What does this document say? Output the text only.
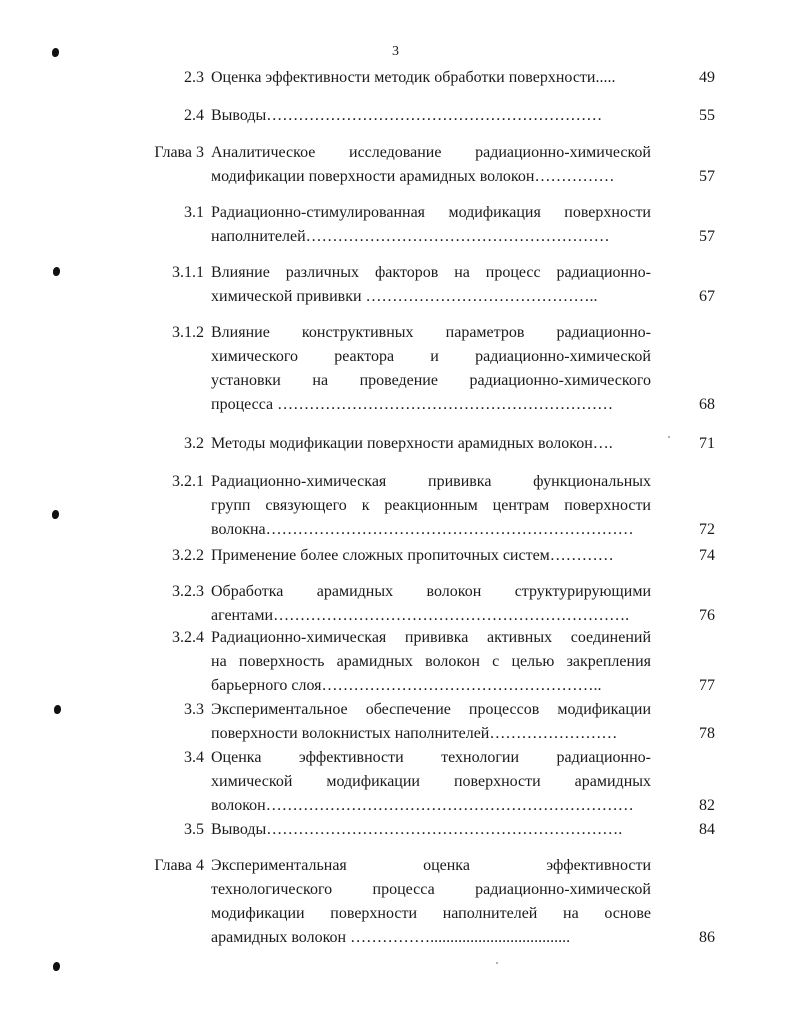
3
2.3 Оценка эффективности методик обработки поверхности.....	49
2.4 Выводы………………………………………………………	55
Глава 3 Аналитическое исследование радиационно-химической
модификации поверхности арамидных волокон……………	57
3.1 Радиационно-стимулированная модификация поверхности
наполнителей…………………………………………………	57
3.1.1 Влияние различных факторов на процесс радиационно-
химической прививки ……………………………………..	67
3.1.2 Влияние конструктивных параметров радиационно-
химического реактора и радиационно-химической
установки на проведение радиационно-химического
процесса ………………………………………………………	68
3.2 Методы модификации поверхности арамидных волокон….	71
3.2.1 Радиационно-химическая прививка функциональных
групп связующего к реакционным центрам поверхности
волокна……………………………………………………………	72
3.2.2 Применение более сложных пропиточных систем…………	74
3.2.3 Обработка арамидных волокон структурирующими
агентами………………………………………………………….	76
3.2.4 Радиационно-химическая прививка активных соединений
на поверхность арамидных волокон с целью закрепления
барьерного слоя……………………………………………..	77
3.3 Экспериментальное обеспечение процессов модификации
поверхности волокнистых наполнителей……………………	78
3.4 Оценка эффективности технологии радиационно-
химической модификации поверхности арамидных
волокон……………………………………………………………	82
3.5 Выводы………………………………………………………….	84
Глава 4 Экспериментальная оценка эффективности
технологического процесса радиационно-химической
модификации поверхности наполнителей на основе
арамидных волокон ……………...................................	86
